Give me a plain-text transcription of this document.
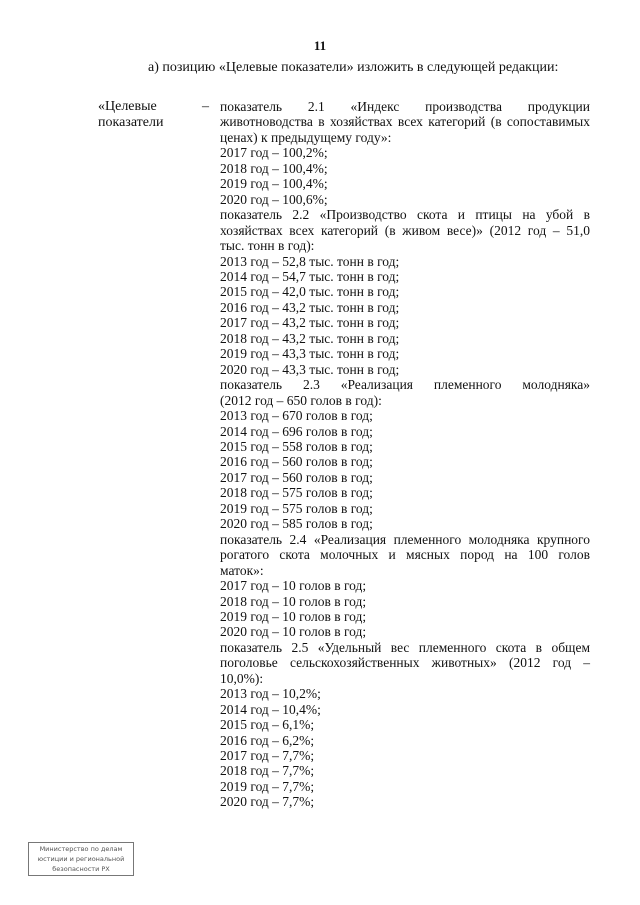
11
а) позицию «Целевые показатели» изложить в следующей редакции:
«Целевые
показатели
– показатель 2.1 «Индекс производства продукции
животноводства в хозяйствах всех категорий (в сопоставимых
ценах) к предыдущему году»:
2017 год – 100,2%;
2018 год – 100,4%;
2019 год – 100,4%;
2020 год – 100,6%;
показатель 2.2 «Производство скота и птицы на убой в
хозяйствах всех категорий (в живом весе)» (2012 год – 51,0
тыс. тонн в год):
2013 год – 52,8 тыс. тонн в год;
2014 год – 54,7 тыс. тонн в год;
2015 год – 42,0 тыс. тонн в год;
2016 год – 43,2 тыс. тонн в год;
2017 год – 43,2 тыс. тонн в год;
2018 год – 43,2 тыс. тонн в год;
2019 год – 43,3 тыс. тонн в год;
2020 год – 43,3 тыс. тонн в год;
показатель 2.3 «Реализация племенного молодняка»
(2012 год – 650 голов в год):
2013 год – 670 голов в год;
2014 год – 696 голов в год;
2015 год – 558 голов в год;
2016 год – 560 голов в год;
2017 год – 560 голов в год;
2018 год – 575 голов в год;
2019 год – 575 голов в год;
2020 год – 585 голов в год;
показатель 2.4 «Реализация племенного молодняка крупного
рогатого скота молочных и мясных пород на 100 голов
маток»:
2017 год – 10 голов в год;
2018 год – 10 голов в год;
2019 год – 10 голов в год;
2020 год – 10 голов в год;
показатель 2.5 «Удельный вес племенного скота в общем
поголовье сельскохозяйственных животных» (2012 год –
10,0%):
2013 год – 10,2%;
2014 год – 10,4%;
2015 год – 6,1%;
2016 год – 6,2%;
2017 год – 7,7%;
2018 год – 7,7%;
2019 год – 7,7%;
2020 год – 7,7%;
Министерство по делам
юстиции и региональной
безопасности РХ
